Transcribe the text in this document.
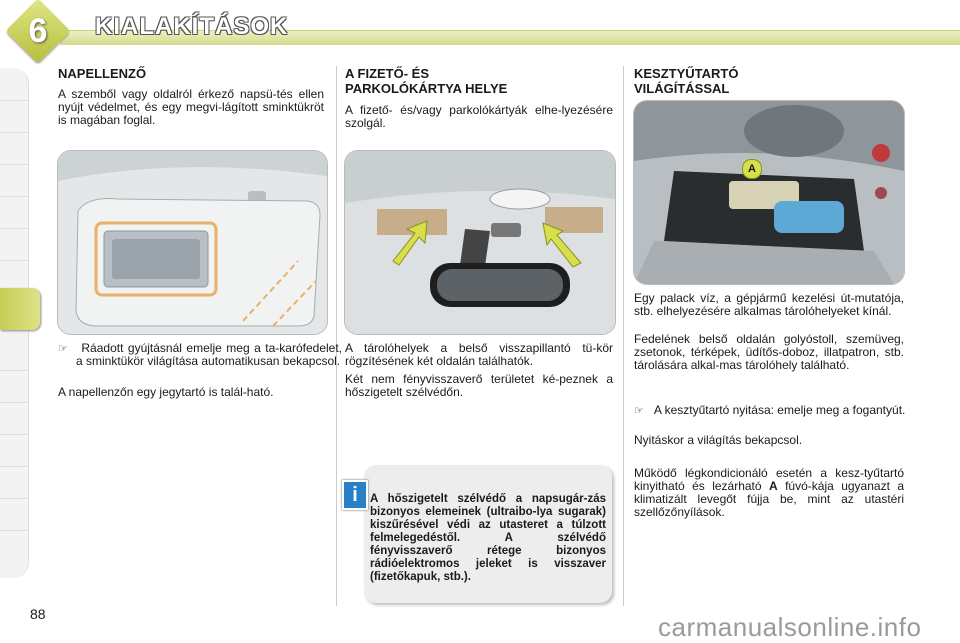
6	KIALAKÍTÁSOK
NAPELLENZŐ
A szemből vagy oldalról érkező napsü-tés ellen nyújt védelmet, és egy megvi-lágított sminktükröt is magában foglal.
☞ Ráadott gyújtásnál emelje meg a ta-karófedelet, a sminktükör világítása automatikusan bekapcsol.
A napellenzőn egy jegytartó is talál-ható.
A FIZETŐ- ÉS
PARKOLÓKÁRTYA HELYE
A fizető- és/vagy parkolókártyák elhe-lyezésére szolgál.
A tárolóhelyek a belső visszapillantó tü-kör rögzítésének két oldalán találhatók.
Két nem fényvisszaverő területet ké-peznek a hőszigetelt szélvédőn.
i	A hőszigetelt szélvédő a napsugár-zás bizonyos elemeinek (ultraibo-lya sugarak) kiszűrésével védi az utasteret a túlzott felmelegedéstől. A szélvédő fényvisszaverő rétege bizonyos rádióelektromos jeleket is visszaver (fizetőkapuk, stb.).
KESZTYŰTARTÓ
VILÁGÍTÁSSAL
A
Egy palack víz, a gépjármű kezelési út-mutatója, stb. elhelyezésére alkalmas tárolóhelyeket kínál.
Fedelének belső oldalán golyóstoll, szemüveg, zsetonok, térképek, üdítős-doboz, illatpatron, stb. tárolására alkal-mas tárolóhely található.
☞ A kesztyűtartó nyitása: emelje meg a fogantyút.
Nyitáskor a világítás bekapcsol.
Működő légkondicionáló esetén a kesz-tyűtartó kinyitható és lezárható A fúvó-kája ugyanazt a klimatizált levegőt fújja be, mint az utastéri szellőzőnyílások.
88	carmanualsonline.info
